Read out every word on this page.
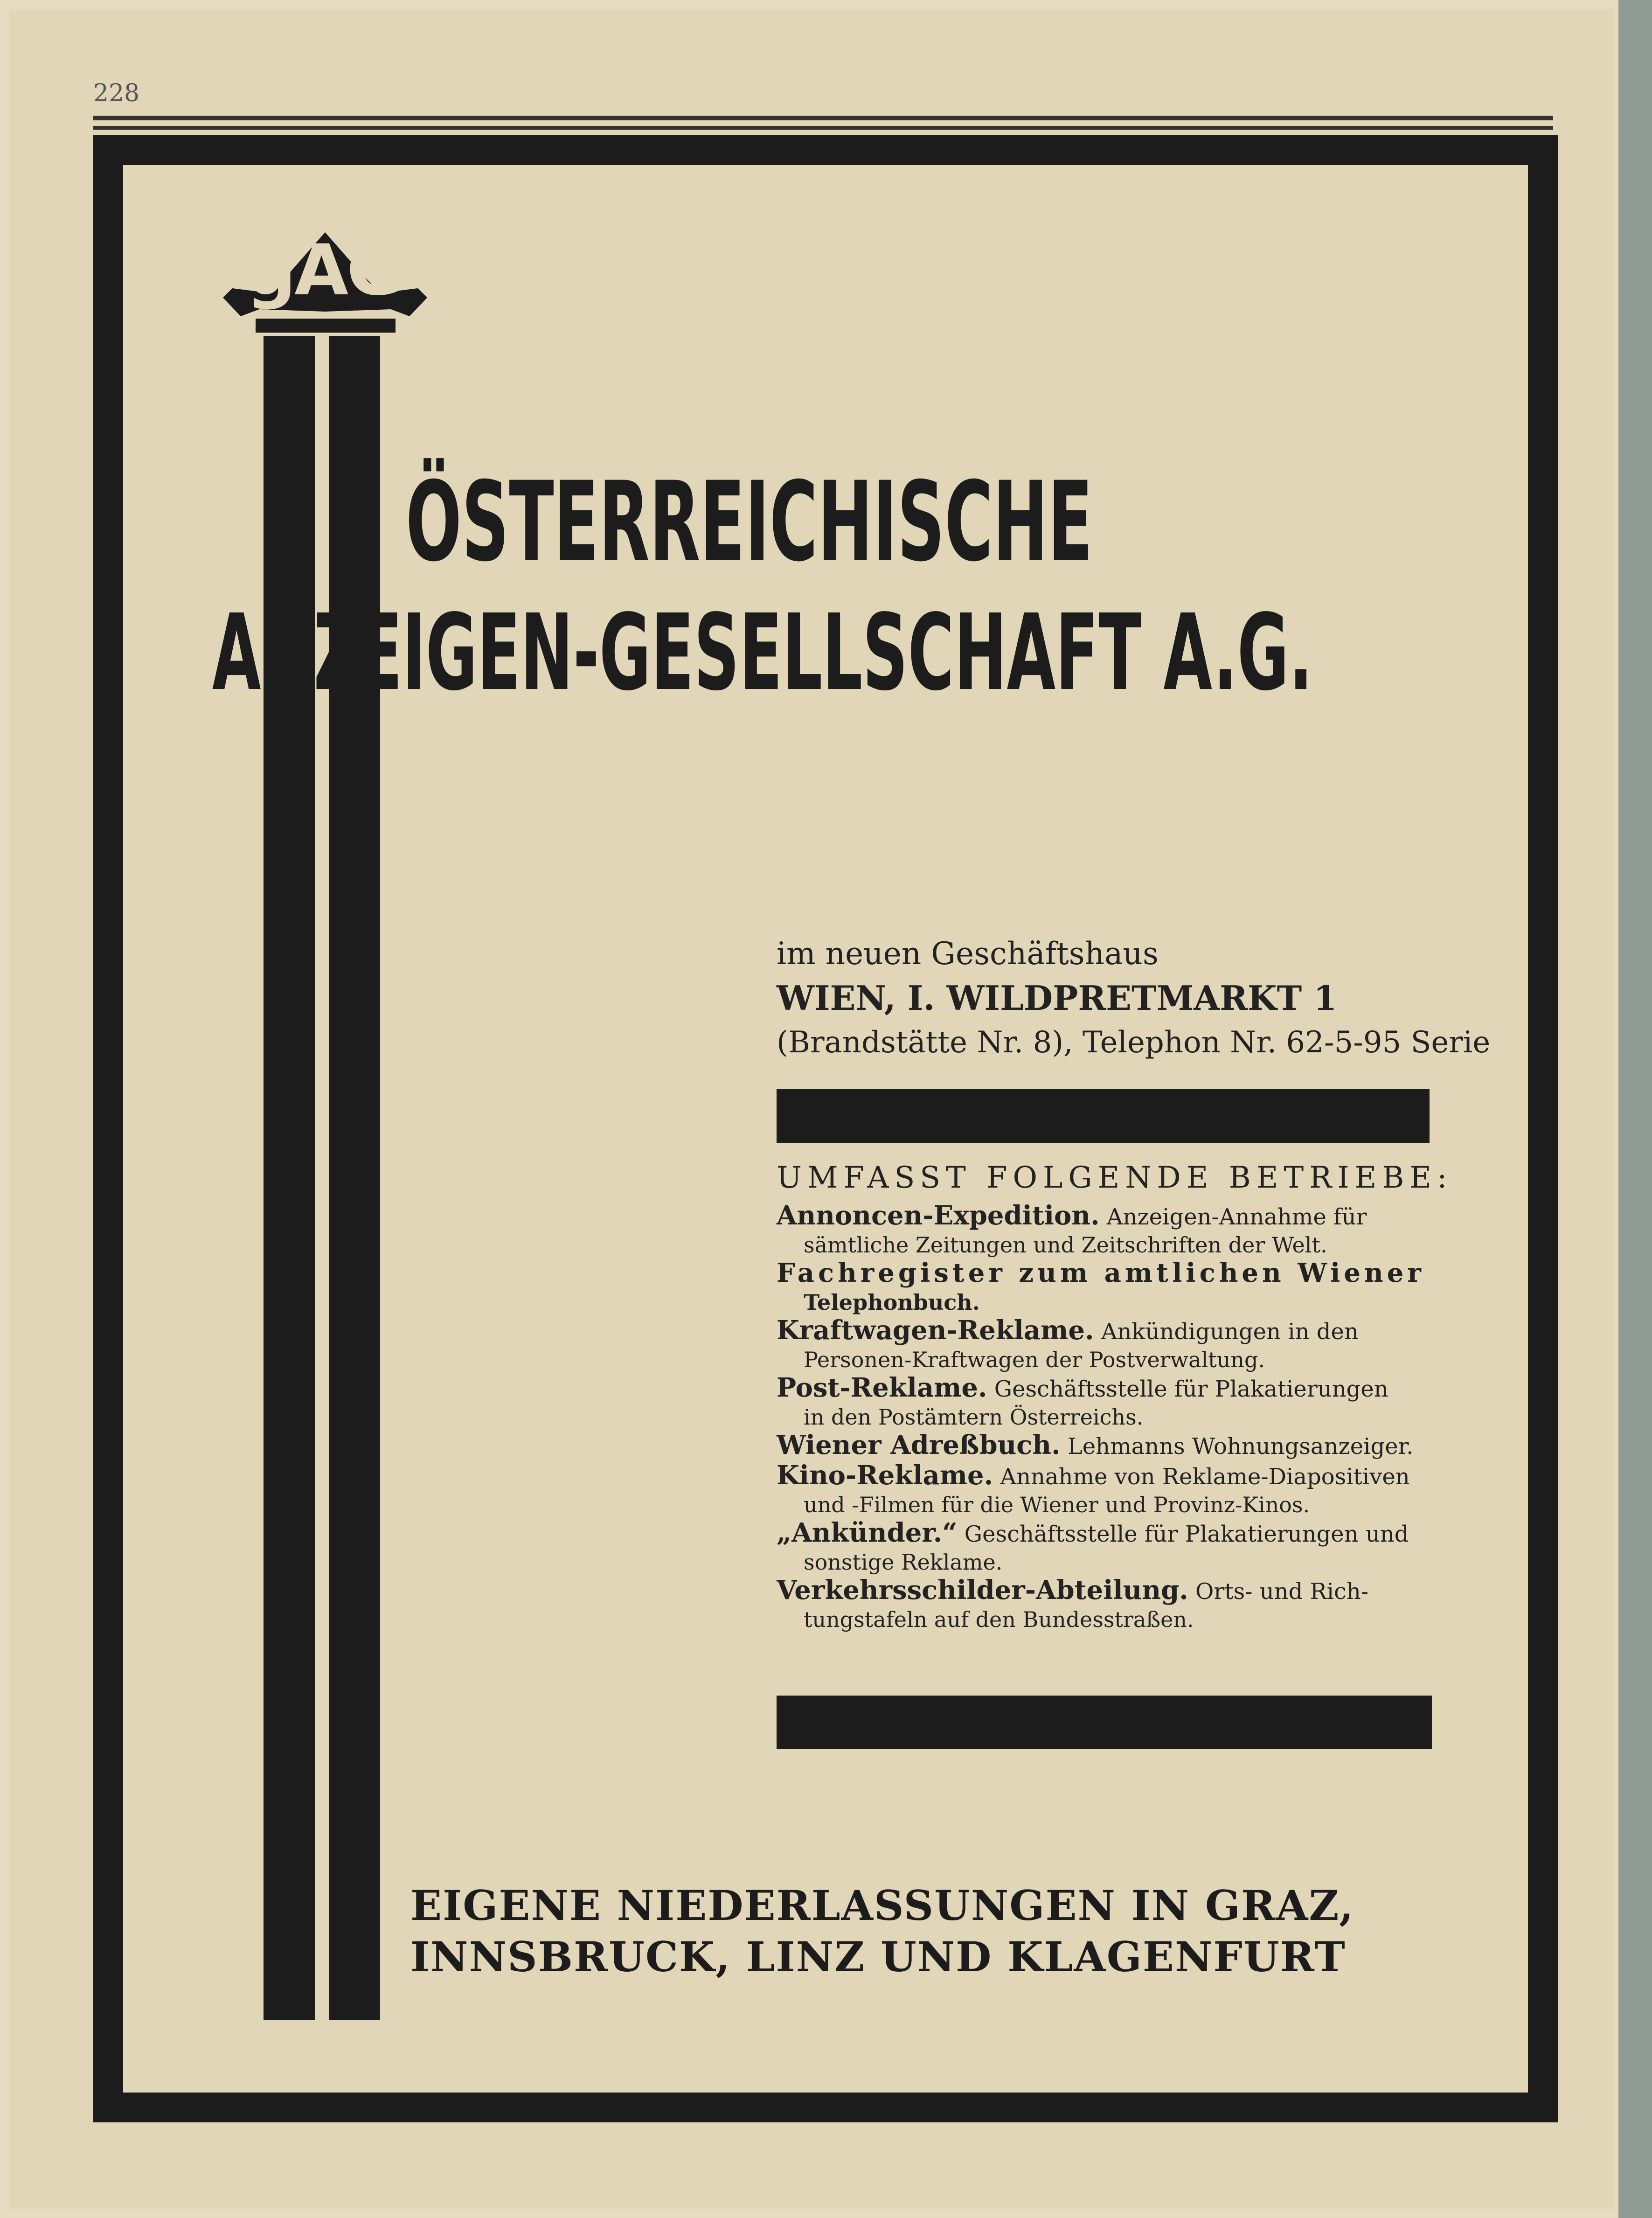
228
gAG
ÖSTERREICHISCHE
ANZEIGEN-GESELLSCHAFT A.G.
im neuen Geschäftshaus
WIEN, I. WILDPRETMARKT 1
(Brandstätte Nr. 8), Telephon Nr. 62-5-95 Serie
UMFASST FOLGENDE BETRIEBE:
Annoncen-Expedition. Anzeigen-Annahme für
sämtliche Zeitungen und Zeitschriften der Welt.
Fachregister zum amtlichen Wiener
Telephonbuch.
Kraftwagen-Reklame. Ankündigungen in den
Personen-Kraftwagen der Postverwaltung.
Post-Reklame. Geschäftsstelle für Plakatierungen
in den Postämtern Österreichs.
Wiener Adreßbuch. Lehmanns Wohnungsanzeiger.
Kino-Reklame. Annahme von Reklame-Diapositiven
und -Filmen für die Wiener und Provinz-Kinos.
„Ankünder.“ Geschäftsstelle für Plakatierungen und
sonstige Reklame.
Verkehrsschilder-Abteilung. Orts- und Rich-
tungstafeln auf den Bundesstraßen.
EIGENE NIEDERLASSUNGEN IN GRAZ,
INNSBRUCK, LINZ UND KLAGENFURT
